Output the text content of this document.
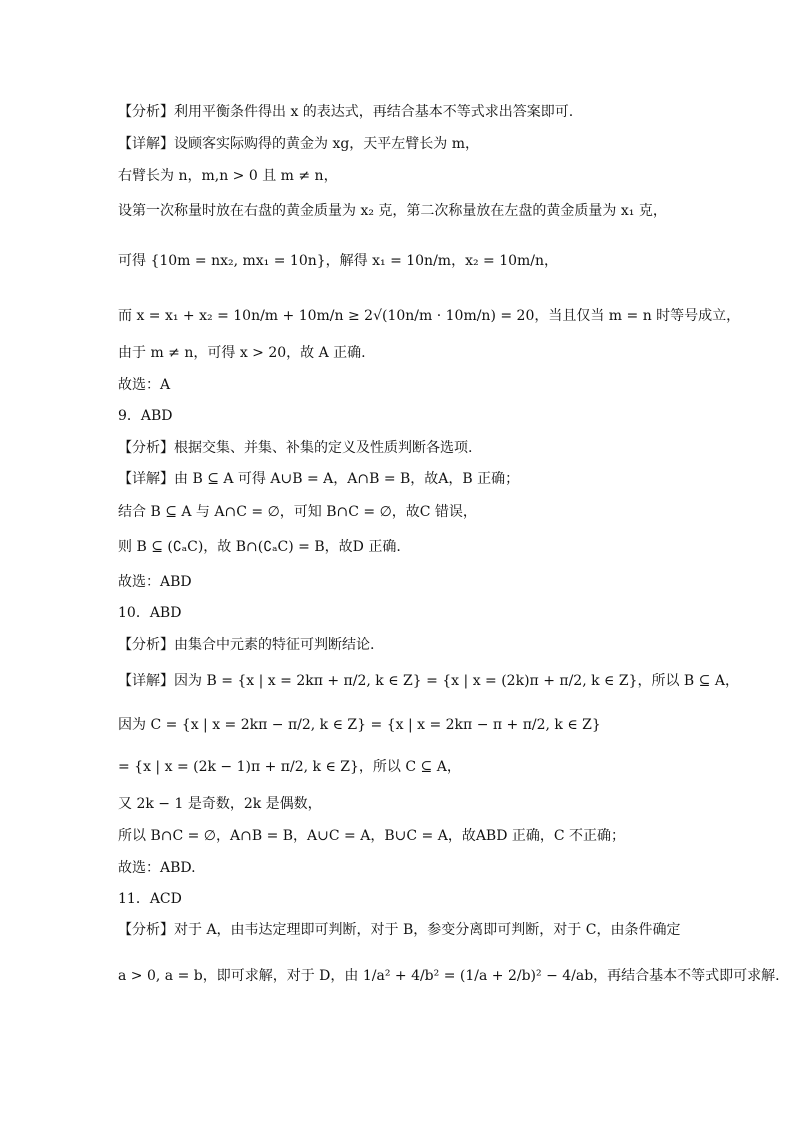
【分析】利用平衡条件得出 x 的表达式，再结合基本不等式求出答案即可.
【详解】设顾客实际购得的黄金为 xg，天平左臂长为 m，
右臂长为 n，m,n > 0 且 m ≠ n，
设第一次称量时放在右盘的黄金质量为 x₂ 克，第二次称量放在左盘的黄金质量为 x₁ 克，
可得 {10m = nx₂, mx₁ = 10n}，解得 x₁ = 10n/m，x₂ = 10m/n，
而 x = x₁ + x₂ = 10n/m + 10m/n ≥ 2√(10n/m · 10m/n) = 20，当且仅当 m = n 时等号成立，
由于 m ≠ n，可得 x > 20，故 A 正确.
故选：A
9．ABD
【分析】根据交集、并集、补集的定义及性质判断各选项.
【详解】由 B ⊆ A 可得 A∪B = A，A∩B = B，故A，B 正确；
结合 B ⊆ A 与 A∩C = ∅，可知 B∩C = ∅，故C 错误，
则 B ⊆ (∁ₐC)，故 B∩(∁ₐC) = B，故D 正确.
故选：ABD
10．ABD
【分析】由集合中元素的特征可判断结论.
【详解】因为 B = {x | x = 2kπ + π/2, k ∈ Z} = {x | x = (2k)π + π/2, k ∈ Z}，所以 B ⊆ A，
因为 C = {x | x = 2kπ − π/2, k ∈ Z} = {x | x = 2kπ − π + π/2, k ∈ Z}
= {x | x = (2k − 1)π + π/2, k ∈ Z}，所以 C ⊆ A，
又 2k − 1 是奇数，2k 是偶数，
所以 B∩C = ∅，A∩B = B，A∪C = A，B∪C = A，故ABD 正确，C 不正确；
故选：ABD.
11．ACD
【分析】对于 A，由韦达定理即可判断，对于 B，参变分离即可判断，对于 C，由条件确定
a > 0, a = b，即可求解，对于 D，由 1/a² + 4/b² = (1/a + 2/b)² − 4/ab，再结合基本不等式即可求解.
